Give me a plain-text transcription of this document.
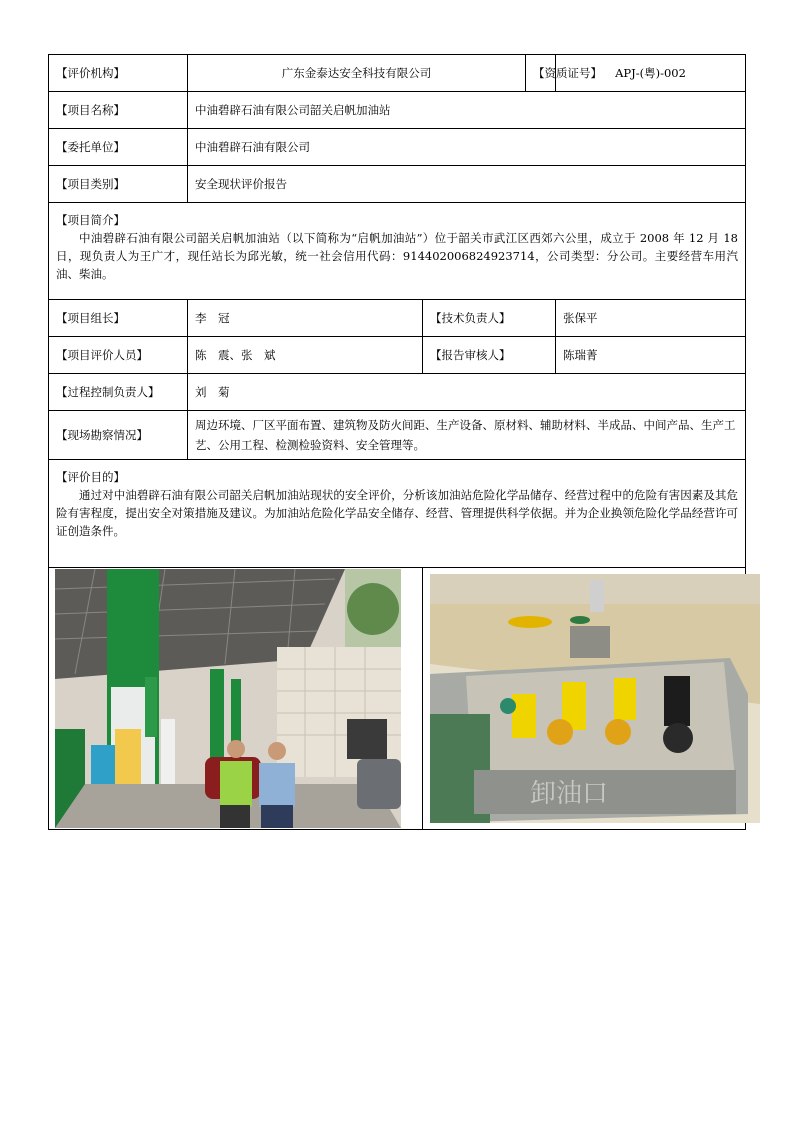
【评价机构】	广东金泰达安全科技有限公司		【资质证号】	APJ-(粤)-002
【项目名称】	中油碧辟石油有限公司韶关启帆加油站			
【委托单位】	中油碧辟石油有限公司			
【项目类别】	安全现状评价报告			

【项目简介】

中油碧辟石油有限公司韶关启帆加油站（以下简称为“启帆加油站”）位于韶关市武江区西郊六公里，成立于 2008 年 12 月 18 日，现负责人为王广才，现任站长为邱光敏，统一社会信用代码：914402006824923714，公司类型：分公司。主要经营车用汽油、柴油。				

【项目组长】	李　冠	【技术负责人】		张保平
【项目评价人员】	陈　震、张　斌	【报告审核人】		陈瑞菁
【过程控制负责人】	刘　菊			
【现场勘察情况】	周边环境、厂区平面布置、建筑物及防火间距、生产设备、原材料、辅助材料、半成品、中间产品、生产工艺、公用工程、检测检验资料、安全管理等。			

【评价目的】

通过对中油碧辟石油有限公司韶关启帆加油站现状的安全评价，分析该加油站危险化学品储存、经营过程中的危险有害因素及其危险有害程度，提出安全对策措施及建议。为加油站危险化学品安全储存、经营、管理提供科学依据。并为企业换领危险化学品经营许可证创造条件。				

卸油口		
